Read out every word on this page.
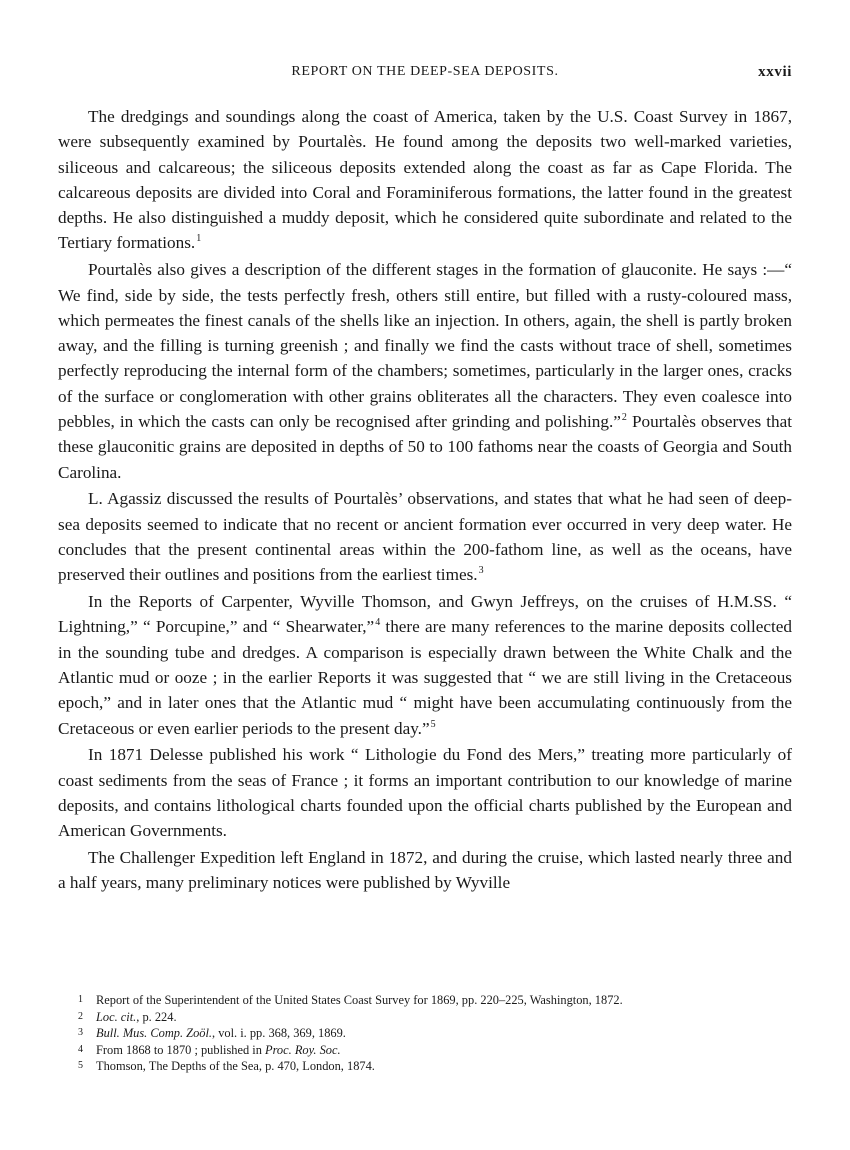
REPORT ON THE DEEP-SEA DEPOSITS.	xxvii

The dredgings and soundings along the coast of America, taken by the U.S. Coast Survey in 1867, were subsequently examined by Pourtalès. He found among the deposits two well-marked varieties, siliceous and calcareous; the siliceous deposits extended along the coast as far as Cape Florida. The calcareous deposits are divided into Coral and Foraminiferous formations, the latter found in the greatest depths. He also distinguished a muddy deposit, which he considered quite subordinate and related to the Tertiary formations.$^1$

Pourtalès also gives a description of the different stages in the formation of glauconite. He says :—“ We find, side by side, the tests perfectly fresh, others still entire, but filled with a rusty-coloured mass, which permeates the finest canals of the shells like an injection. In others, again, the shell is partly broken away, and the filling is turning greenish ; and finally we find the casts without trace of shell, sometimes perfectly reproducing the internal form of the chambers; sometimes, particularly in the larger ones, cracks of the surface or conglomeration with other grains obliterates all the characters. They even coalesce into pebbles, in which the casts can only be recognised after grinding and polishing.”$^2$ Pourtalès observes that these glauconitic grains are deposited in depths of 50 to 100 fathoms near the coasts of Georgia and South Carolina.

L. Agassiz discussed the results of Pourtalès’ observations, and states that what he had seen of deep-sea deposits seemed to indicate that no recent or ancient formation ever occurred in very deep water. He concludes that the present continental areas within the 200-fathom line, as well as the oceans, have preserved their outlines and positions from the earliest times.$^3$

In the Reports of Carpenter, Wyville Thomson, and Gwyn Jeffreys, on the cruises of H.M.SS. “ Lightning,” “ Porcupine,” and “ Shearwater,”$^4$ there are many references to the marine deposits collected in the sounding tube and dredges. A comparison is especially drawn between the White Chalk and the Atlantic mud or ooze ; in the earlier Reports it was suggested that “ we are still living in the Cretaceous epoch,” and in later ones that the Atlantic mud “ might have been accumulating continuously from the Cretaceous or even earlier periods to the present day.”$^5$

In 1871 Delesse published his work “ Lithologie du Fond des Mers,” treating more particularly of coast sediments from the seas of France ; it forms an important contribution to our knowledge of marine deposits, and contains lithological charts founded upon the official charts published by the European and American Governments.

The Challenger Expedition left England in 1872, and during the cruise, which lasted nearly three and a half years, many preliminary notices were published by Wyville

1 Report of the Superintendent of the United States Coast Survey for 1869, pp. 220–225, Washington, 1872.
2 Loc. cit., p. 224.
3 Bull. Mus. Comp. Zoöl., vol. i. pp. 368, 369, 1869.
4 From 1868 to 1870 ; published in Proc. Roy. Soc.
5 Thomson, The Depths of the Sea, p. 470, London, 1874.
